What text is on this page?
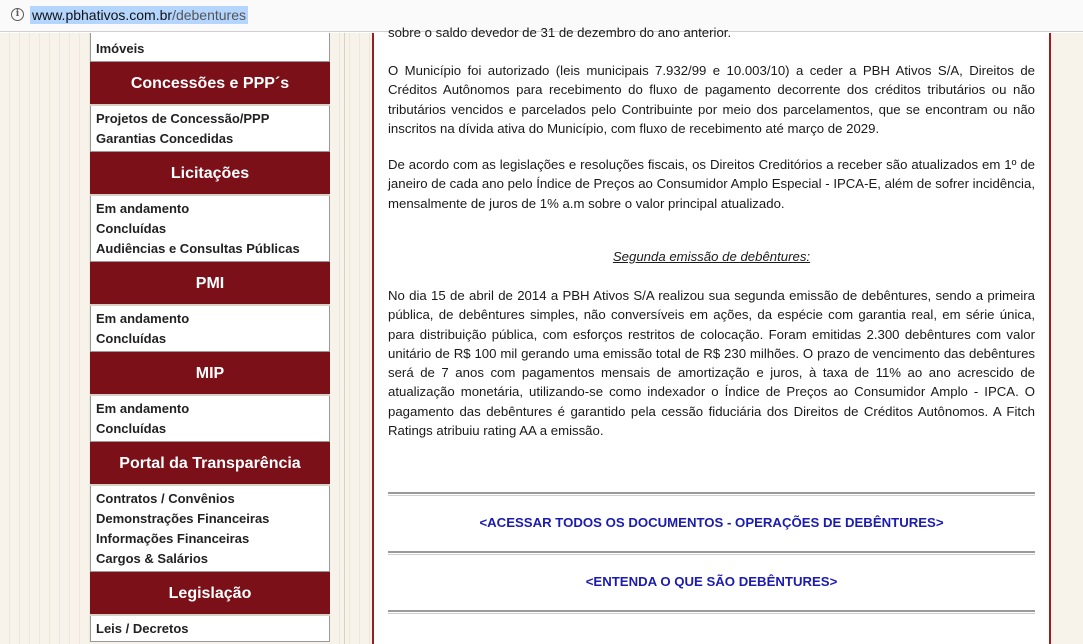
i www.pbhativos.com.br/debentures
Imóveis
Concessões e PPP´s
Projetos de Concessão/PPP
Garantias Concedidas
Licitações
Em andamento
Concluídas
Audiências e Consultas Públicas
PMI
Em andamento
Concluídas
MIP
Em andamento
Concluídas
Portal da Transparência
Contratos / Convênios
Demonstrações Financeiras
Informações Financeiras
Cargos & Salários
Legislação
Leis / Decretos
sobre o saldo devedor de 31 de dezembro do ano anterior.

O Município foi autorizado (leis municipais 7.932/99 e 10.003/10) a ceder a PBH Ativos S/A, Direitos de Créditos Autônomos para recebimento do fluxo de pagamento decorrente dos créditos tributários ou não tributários vencidos e parcelados pelo Contribuinte por meio dos parcelamentos, que se encontram ou não inscritos na dívida ativa do Município, com fluxo de recebimento até março de 2029.

De acordo com as legislações e resoluções fiscais, os Direitos Creditórios a receber são atualizados em 1º de janeiro de cada ano pelo Índice de Preços ao Consumidor Amplo Especial - IPCA-E, além de sofrer incidência, mensalmente de juros de 1% a.m sobre o valor principal atualizado.

Segunda emissão de debêntures:

No dia 15 de abril de 2014 a PBH Ativos S/A realizou sua segunda emissão de debêntures, sendo a primeira pública, de debêntures simples, não conversíveis em ações, da espécie com garantia real, em série única, para distribuição pública, com esforços restritos de colocação. Foram emitidas 2.300 debêntures com valor unitário de R$ 100 mil gerando uma emissão total de R$ 230 milhões. O prazo de vencimento das debêntures será de 7 anos com pagamentos mensais de amortização e juros, à taxa de 11% ao ano acrescido de atualização monetária, utilizando-se como indexador o Índice de Preços ao Consumidor Amplo - IPCA. O pagamento das debêntures é garantido pela cessão fiduciária dos Direitos de Créditos Autônomos. A Fitch Ratings atribuiu rating AA a emissão.

<ACESSAR TODOS OS DOCUMENTOS - OPERAÇÕES DE DEBÊNTURES>
<ENTENDA O QUE SÃO DEBÊNTURES>
